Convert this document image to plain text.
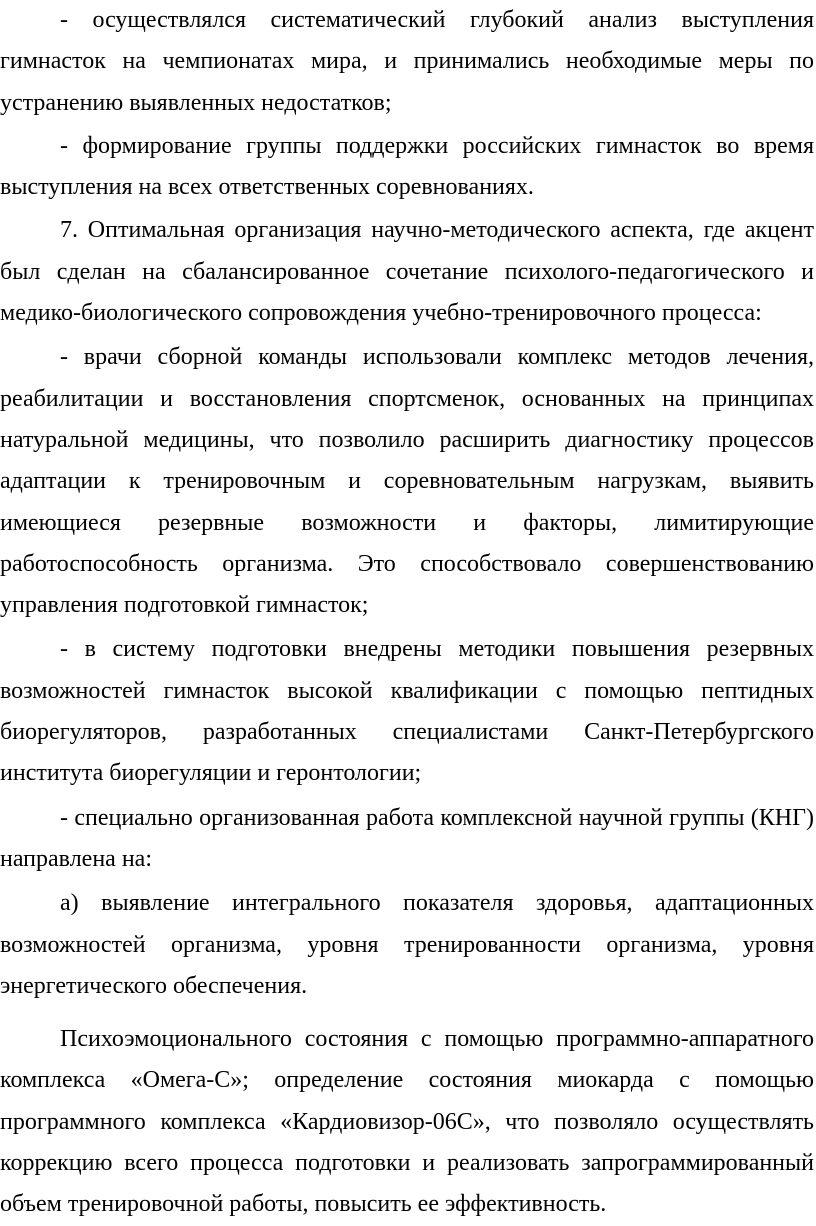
- осуществлялся систематический глубокий анализ выступления гимнасток на чемпионатах мира, и принимались необходимые меры по устранению выявленных недостатков;

- формирование группы поддержки российских гимнасток во время выступления на всех ответственных соревнованиях.

7. Оптимальная организация научно-методического аспекта, где акцент был сделан на сбалансированное сочетание психолого-педагогического и медико-биологического сопровождения учебно-тренировочного процесса:

- врачи сборной команды использовали комплекс методов лечения, реабилитации и восстановления спортсменок, основанных на принципах натуральной медицины, что позволило расширить диагностику процессов адаптации к тренировочным и соревновательным нагрузкам, выявить имеющиеся резервные возможности и факторы, лимитирующие работоспособность организма. Это способствовало совершенствованию управления подготовкой гимнасток;

- в систему подготовки внедрены методики повышения резервных возможностей гимнасток высокой квалификации с помощью пептидных биорегуляторов, разработанных специалистами Санкт-Петербургского института биорегуляции и геронтологии;

- специально организованная работа комплексной научной группы (КНГ) направлена на:

а) выявление интегрального показателя здоровья, адаптационных возможностей организма, уровня тренированности организма, уровня энергетического обеспечения.

Психоэмоционального состояния с помощью программно-аппаратного комплекса «Омега-С»; определение состояния миокарда с помощью программного комплекса «Кардиовизор-06С», что позволяло осуществлять коррекцию всего процесса подготовки и реализовать запрограммированный объем тренировочной работы, повысить ее эффективность.
